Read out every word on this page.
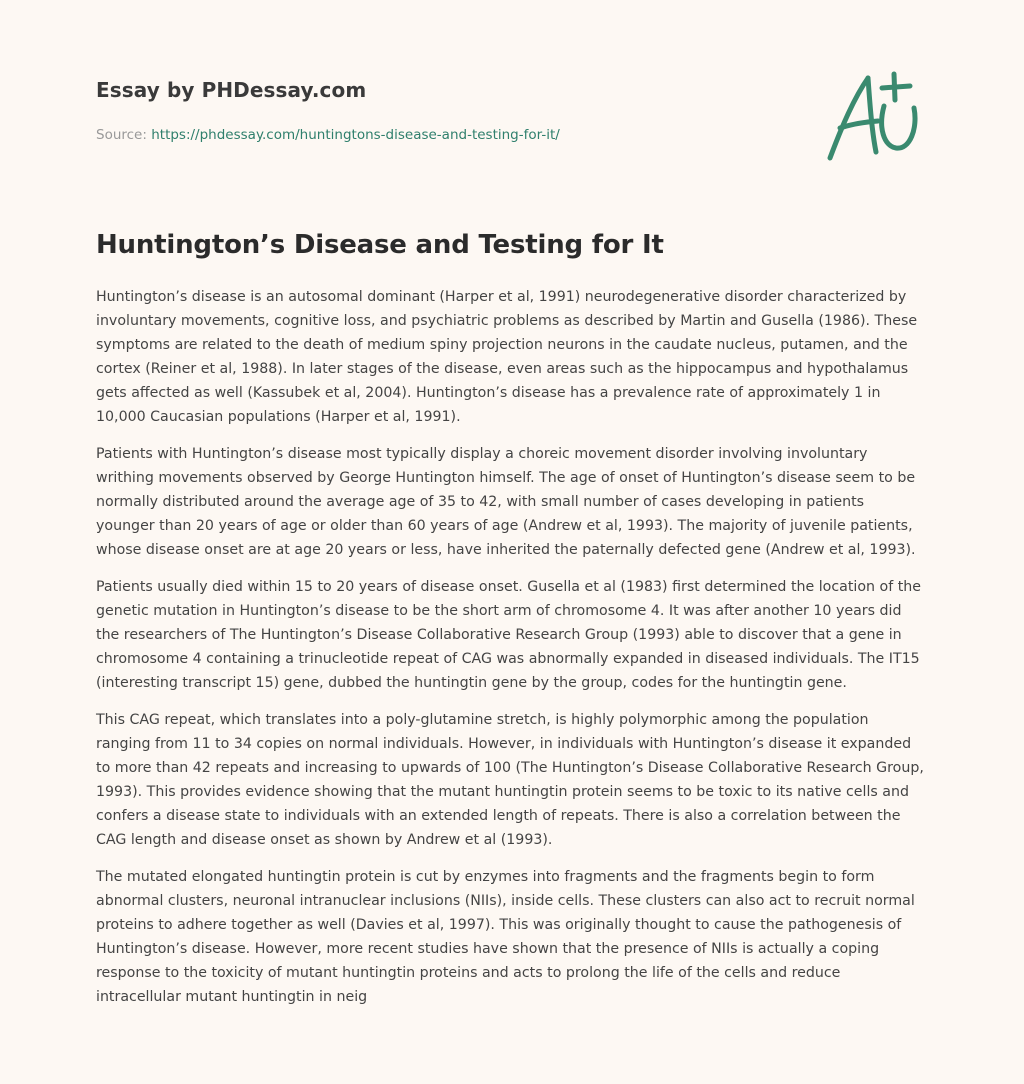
Essay by PHDessay.com
Source: https://phdessay.com/huntingtons-disease-and-testing-for-it/
Huntington’s Disease and Testing for It

Huntington’s disease is an autosomal dominant (Harper et al, 1991) neurodegenerative disorder characterized by involuntary movements, cognitive loss, and psychiatric problems as described by Martin and Gusella (1986). These symptoms are related to the death of medium spiny projection neurons in the caudate nucleus, putamen, and the cortex (Reiner et al, 1988). In later stages of the disease, even areas such as the hippocampus and hypothalamus gets affected as well (Kassubek et al, 2004). Huntington’s disease has a prevalence rate of approximately 1 in 10,000 Caucasian populations (Harper et al, 1991).

Patients with Huntington’s disease most typically display a choreic movement disorder involving involuntary writhing movements observed by George Huntington himself. The age of onset of Huntington’s disease seem to be normally distributed around the average age of 35 to 42, with small number of cases developing in patients younger than 20 years of age or older than 60 years of age (Andrew et al, 1993). The majority of juvenile patients, whose disease onset are at age 20 years or less, have inherited the paternally defected gene (Andrew et al, 1993).

Patients usually died within 15 to 20 years of disease onset. Gusella et al (1983) first determined the location of the genetic mutation in Huntington’s disease to be the short arm of chromosome 4. It was after another 10 years did the researchers of The Huntington’s Disease Collaborative Research Group (1993) able to discover that a gene in chromosome 4 containing a trinucleotide repeat of CAG was abnormally expanded in diseased individuals. The IT15 (interesting transcript 15) gene, dubbed the huntingtin gene by the group, codes for the huntingtin gene.

This CAG repeat, which translates into a poly-glutamine stretch, is highly polymorphic among the population ranging from 11 to 34 copies on normal individuals. However, in individuals with Huntington’s disease it expanded to more than 42 repeats and increasing to upwards of 100 (The Huntington’s Disease Collaborative Research Group, 1993). This provides evidence showing that the mutant huntingtin protein seems to be toxic to its native cells and confers a disease state to individuals with an extended length of repeats. There is also a correlation between the CAG length and disease onset as shown by Andrew et al (1993).

The mutated elongated huntingtin protein is cut by enzymes into fragments and the fragments begin to form abnormal clusters, neuronal intranuclear inclusions (NIIs), inside cells. These clusters can also act to recruit normal proteins to adhere together as well (Davies et al, 1997). This was originally thought to cause the pathogenesis of Huntington’s disease. However, more recent studies have shown that the presence of NIIs is actually a coping response to the toxicity of mutant huntingtin proteins and acts to prolong the life of the cells and reduce intracellular mutant huntingtin in neig
